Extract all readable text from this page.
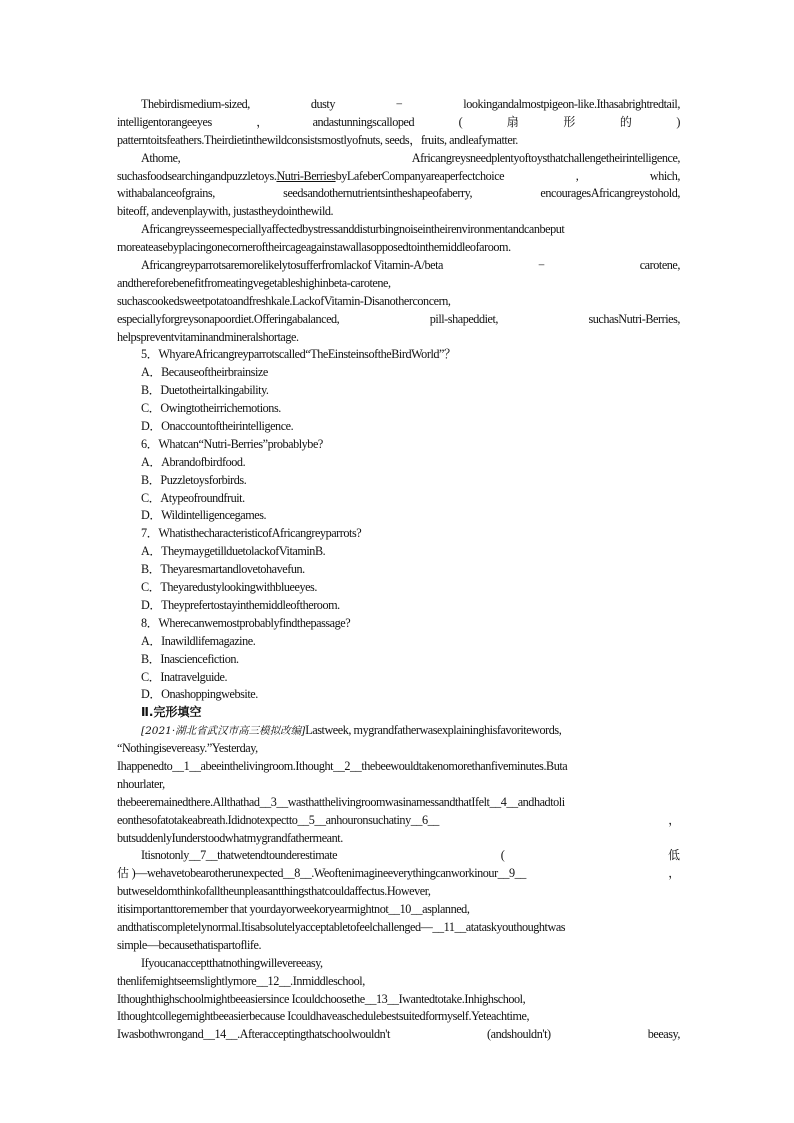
Thebirdismedium-sized,	dusty	−	lookingandalmostpigeon-like.Ithasabrightredtail,
intelligentorangeeyes	，	andastunningscalloped	(	扇	形	的	)
patterntoitsfeathers.Theirdietinthewildconsistsmostlyofnuts, seeds，fruits, andleafymatter.
Athome,	Africangreysneedplentyoftoysthatchallengetheirintelligence,
suchasfoodsearchingandpuzzletoys.Nutri-BerriesbyLafeberCompanyareaperfectchoice	,	which,
withabalanceofgrains,	seedsandothernutrientsintheshapeofaberry,	encouragesAfricangreystohold,
biteoff, andevenplaywith, justastheydointhewild.
Africangreysseemespeciallyaffectedbystressanddisturbingnoiseintheirenvironmentandcanbeput
moreateasebyplacingonecorneroftheircageagainstawallasopposedtointhemiddleofaroom.
Africangreyparrotsaremorelikelytosufferfromlackof Vitamin-A/beta	−	carotene,
andthereforebenefitfromeatingvegetableshighinbeta-carotene,
suchascookedsweetpotatoandfreshkale.LackofVitamin-Disanotherconcern,
especiallyforgreysonapoordiet.Offeringabalanced,	pill-shapeddiet,	suchasNutri-Berries,
helpspreventvitaminandmineralshortage.
5．WhyareAfricangreyparrotscalled“TheEinsteinsoftheBirdWorld”？
A．Becauseoftheirbrainsize
B．Duetotheirtalkingability.
C．Owingtotheirrichemotions.
D．Onaccountoftheirintelligence.
6．Whatcan“Nutri-Berries”probablybe?
A．Abrandofbirdfood.
B．Puzzletoysforbirds.
C．Atypeofroundfruit.
D．Wildintelligencegames.
7．WhatisthecharacteristicofAfricangreyparrots?
A．TheymaygetillduetolackofVitaminB.
B．Theyaresmartandlovetohavefun.
C．Theyaredustylookingwithblueeyes.
D．Theyprefertostayinthemiddleoftheroom.
8．Wherecanwemostprobablyfindthepassage?
A．Inawildlifemagazine.
B．Inasciencefiction.
C．Inatravelguide.
D．Onashoppingwebsite.
Ⅱ.完形填空
[2021·湖北省武汉市高三模拟改编]Lastweek, mygrandfatherwasexplaininghisfavoritewords,
“Nothingisevereasy.”Yesterday,
Ihappenedto__1__abeeinthelivingroom.Ithought__2__thebeewouldtakenomorethanfiveminutes.Buta
nhourlater,
thebeeremainedthere.Allthathad__3__wasthatthelivingroomwasinamessandthatIfelt__4__andhadtoli
eonthesofatotakeabreath.Ididnotexpectto__5__anhouronsuchatiny__6__	，
butsuddenlyIunderstoodwhatmygrandfathermeant.
Itisnotonly__7__thatwetendtounderestimate	(	低
估 )—wehavetobearotherunexpected__8__.Weoftenimagineeverythingcanworkinour__9__	，
butweseldomthinkofalltheunpleasantthingsthatcouldaffectus.However,
itisimportanttoremember that yourdayorweekoryearmightnot__10__asplanned,
andthatiscompletelynormal.Itisabsolutelyacceptabletofeelchallenged—__11__atataskyouthoughtwas
simple—becausethatispartoflife.
Ifyoucanacceptthatnothingwillevereeasy,
thenlifemightseemslightlymore__12__.Inmiddleschool,
Ithoughthighschoolmightbeeasiersince Icouldchoosethe__13__Iwantedtotake.Inhighschool,
Ithoughtcollegemightbeeasierbecause Icouldhaveaschedulebestsuitedformyself.Yeteachtime,
Iwasbothwrongand__14__.Afteracceptingthatschoolwouldn't	(andshouldn't)	beeasy,
